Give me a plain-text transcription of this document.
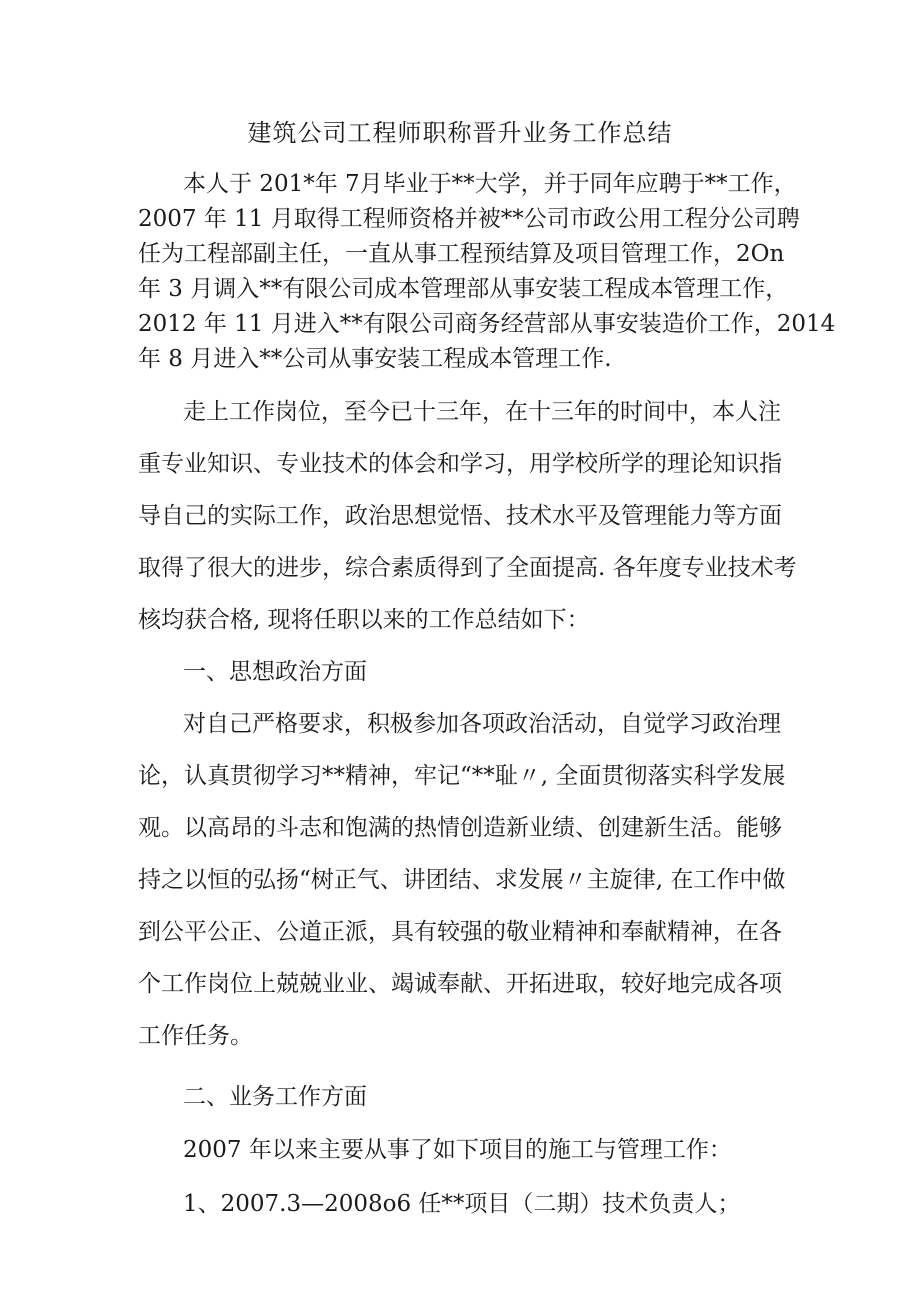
建筑公司工程师职称晋升业务工作总结
本人于 201*年 7月毕业于**大学，并于同年应聘于**工作，
2007 年 11 月取得工程师资格并被**公司市政公用工程分公司聘
任为工程部副主任，一直从事工程预结算及项目管理工作，2On
年 3 月调入**有限公司成本管理部从事安装工程成本管理工作，
2012 年 11 月进入**有限公司商务经营部从事安装造价工作，2014
年 8 月进入**公司从事安装工程成本管理工作.
走上工作岗位，至今已十三年，在十三年的时间中，本人注
重专业知识、专业技术的体会和学习，用学校所学的理论知识指
导自己的实际工作，政治思想觉悟、技术水平及管理能力等方面
取得了很大的进步，综合素质得到了全面提高. 各年度专业技术考
核均获合格, 现将任职以来的工作总结如下：
一、思想政治方面
对自己严格要求，积极参加各项政治活动，自觉学习政治理
论，认真贯彻学习**精神，牢记“**耻〃, 全面贯彻落实科学发展
观。以高昂的斗志和饱满的热情创造新业绩、创建新生活。能够
持之以恒的弘扬“树正气、讲团结、求发展〃主旋律, 在工作中做
到公平公正、公道正派，具有较强的敬业精神和奉献精神，在各
个工作岗位上兢兢业业、竭诚奉献、开拓进取，较好地完成各项
工作任务。
二、业务工作方面
2007 年以来主要从事了如下项目的施工与管理工作：
1、2007.3—2008o6 任**项目（二期）技术负责人；
